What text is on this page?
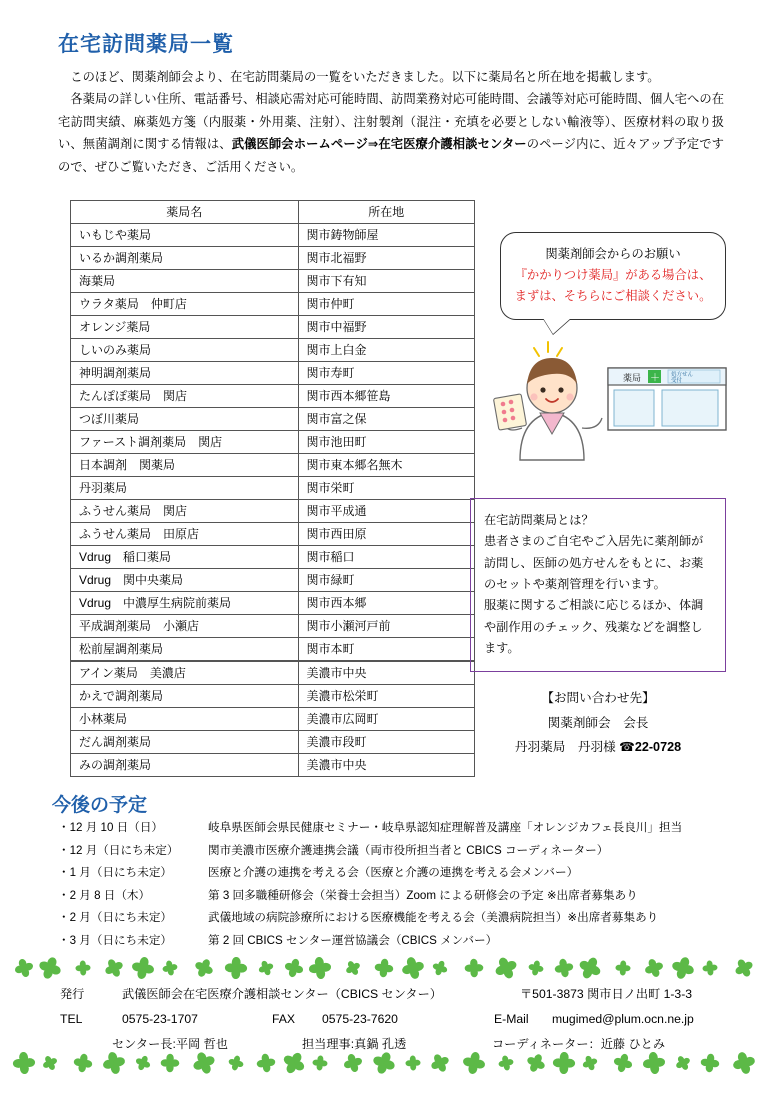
在宅訪問薬局一覧

このほど、関薬剤師会より、在宅訪問薬局の一覧をいただきました。以下に薬局名と所在地を掲載します。

各薬局の詳しい住所、電話番号、相談応需対応可能時間、訪問業務対応可能時間、会議等対応可能時間、個人宅への在宅訪問実績、麻薬処方箋（内服薬・外用薬、注射）、注射製剤（混注・充填を必要としない輸液等）、医療材料の取り扱い、無菌調剤に関する情報は、武儀医師会ホームページ⇒在宅医療介護相談センターのページ内に、近々アップ予定ですので、ぜひご覧いただき、ご活用ください。

薬局名	所在地
いもじや薬局	関市鋳物師屋
いるか調剤薬局	関市北福野
海葉局	関市下有知
ウラタ薬局　仲町店	関市仲町
オレンジ薬局	関市中福野
しいのみ薬局	関市上白金
神明調剤薬局	関市寿町
たんぽぽ薬局　関店	関市西本郷笹島
つぼ川薬局	関市富之保
ファースト調剤薬局　関店	関市池田町
日本調剤　関薬局	関市東本郷名無木
丹羽薬局	関市栄町
ふうせん薬局　関店	関市平成通
ふうせん薬局　田原店	関市西田原
Vdrug　稲口薬局	関市稲口
Vdrug　関中央薬局	関市緑町
Vdrug　中濃厚生病院前薬局	関市西本郷
平成調剤薬局　小瀬店	関市小瀬河戸前
松前屋調剤薬局	関市本町
アイン薬局　美濃店	美濃市中央
かえで調剤薬局	美濃市松栄町
小林薬局	美濃市広岡町
だん調剤薬局	美濃市段町
みの調剤薬局	美濃市中央
関薬剤師会からのお願い
『かかりつけ薬局』がある場合は、
まずは、そちらにご相談ください。
薬局 ＋ 処方せん
受付
在宅訪問薬局とは？
患者さまのご自宅やご入居先に薬剤師が訪問し、医師の処方せんをもとに、お薬のセットや薬剤管理を行います。
服薬に関するご相談に応じるほか、体調や副作用のチェック、残薬などを調整します。
【お問い合わせ先】
関薬剤師会　会長
丹羽薬局　丹羽様 ☎22-0728
今後の予定
・12 月 10 日（日）	岐阜県医師会県民健康セミナー・岐阜県認知症理解普及講座「オレンジカフェ長良川」担当
・12 月（日にち未定）	関市美濃市医療介護連携会議（両市役所担当者と CBICS コーディネーター）
・1 月（日にち未定）	医療と介護の連携を考える会（医療と介護の連携を考える会メンバー）
・2 月 8 日（木）	第 3 回多職種研修会（栄養士会担当）Zoom による研修会の予定 ※出席者募集あり
・2 月（日にち未定）	武儀地域の病院診療所における医療機能を考える会（美濃病院担当）※出席者募集あり
・3 月（日にち未定）	第 2 回 CBICS センター運営協議会（CBICS メンバー）
発行	武儀医師会在宅医療介護相談センター（CBICS センター）	〒501-3873 関市日ノ出町 1-3-3
TEL	0575-23-1707	FAX 0575-23-7620	E-Mail mugimed@plum.ocn.ne.jp
センター長:平岡 哲也	担当理事:真鍋 孔透	コーディネーター：近藤 ひとみ
